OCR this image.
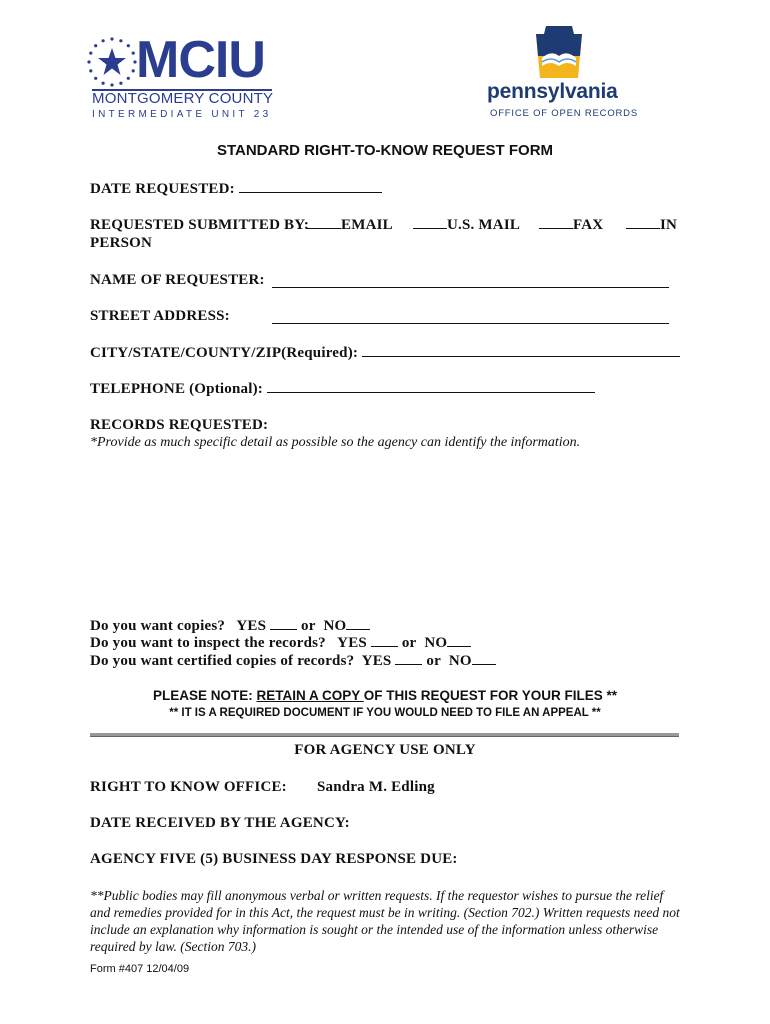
MCIU
MONTGOMERY COUNTY
INTERMEDIATE UNIT 23
pennsylvania
OFFICE OF OPEN RECORDS
STANDARD RIGHT-TO-KNOW REQUEST FORM
DATE REQUESTED:
REQUESTED SUBMITTED BY:	EMAIL	U.S. MAIL	FAX	IN
PERSON
NAME OF REQUESTER:
STREET ADDRESS:
CITY/STATE/COUNTY/ZIP(Required):
TELEPHONE (Optional):
RECORDS REQUESTED:
*Provide as much specific detail as possible so the agency can identify the information.
Do you want copies? YES or NO
Do you want to inspect the records? YES or NO
Do you want certified copies of records? YES or NO
PLEASE NOTE: RETAIN A COPY OF THIS REQUEST FOR YOUR FILES **
** IT IS A REQUIRED DOCUMENT IF YOU WOULD NEED TO FILE AN APPEAL **
FOR AGENCY USE ONLY
RIGHT TO KNOW OFFICE: Sandra M. Edling
DATE RECEIVED BY THE AGENCY:
AGENCY FIVE (5) BUSINESS DAY RESPONSE DUE:
**Public bodies may fill anonymous verbal or written requests. If the requestor wishes to pursue the relief and remedies provided for in this Act, the request must be in writing. (Section 702.) Written requests need not include an explanation why information is sought or the intended use of the information unless otherwise required by law. (Section 703.)
Form #407 12/04/09
